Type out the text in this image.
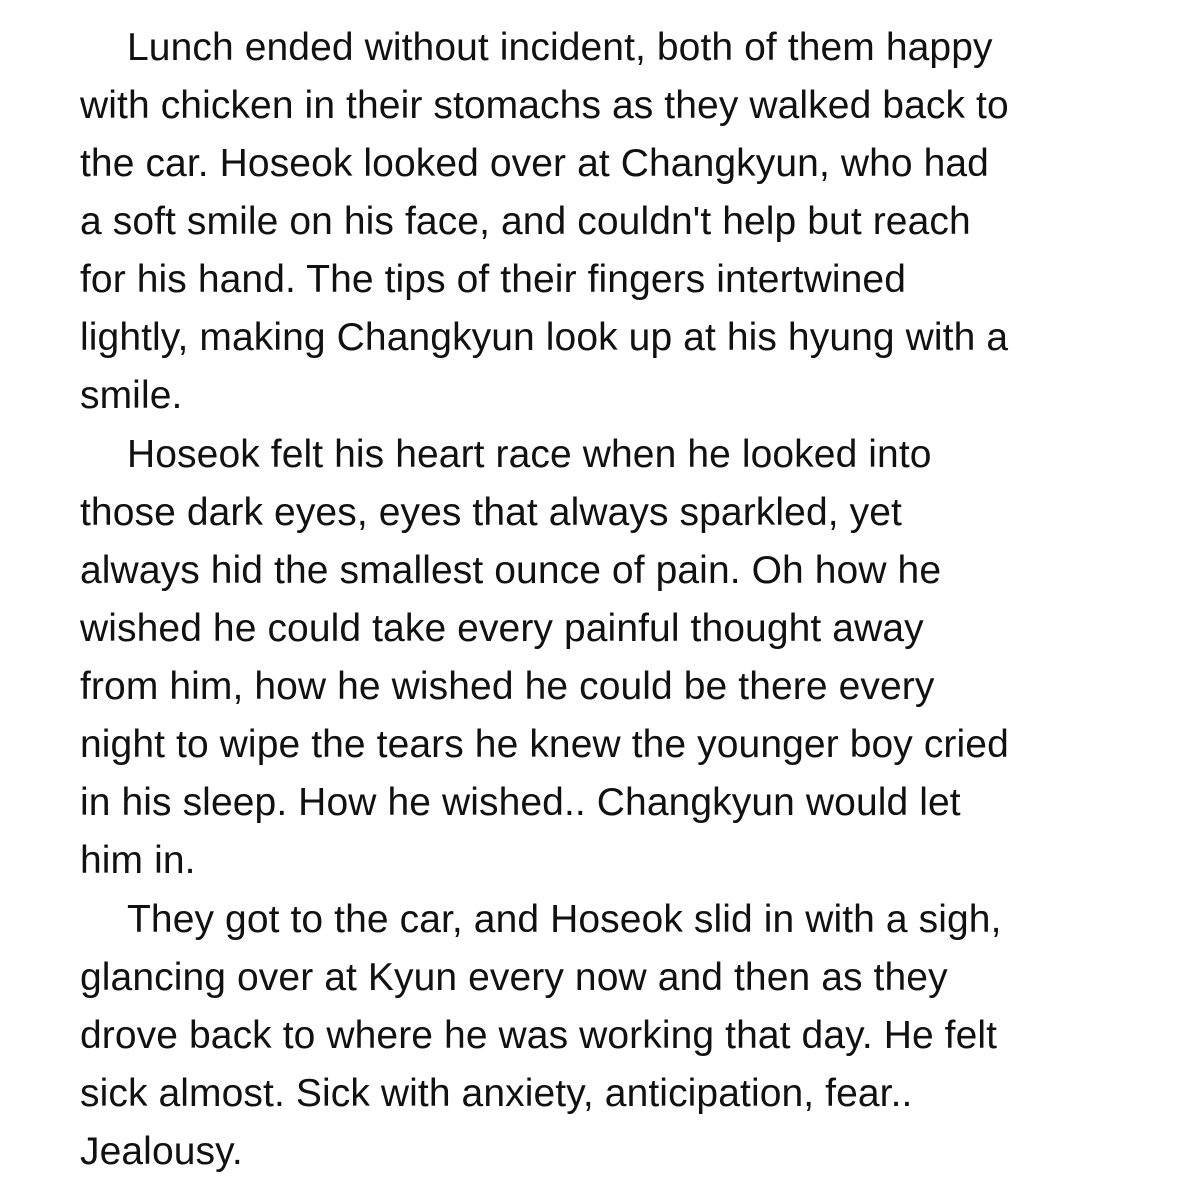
Lunch ended without incident, both of them happy
with chicken in their stomachs as they walked back to
the car. Hoseok looked over at Changkyun, who had
a soft smile on his face, and couldn't help but reach
for his hand. The tips of their fingers intertwined
lightly, making Changkyun look up at his hyung with a
smile.
Hoseok felt his heart race when he looked into
those dark eyes, eyes that always sparkled, yet
always hid the smallest ounce of pain. Oh how he
wished he could take every painful thought away
from him, how he wished he could be there every
night to wipe the tears he knew the younger boy cried
in his sleep. How he wished.. Changkyun would let
him in.
They got to the car, and Hoseok slid in with a sigh,
glancing over at Kyun every now and then as they
drove back to where he was working that day. He felt
sick almost. Sick with anxiety, anticipation, fear..
Jealousy.
